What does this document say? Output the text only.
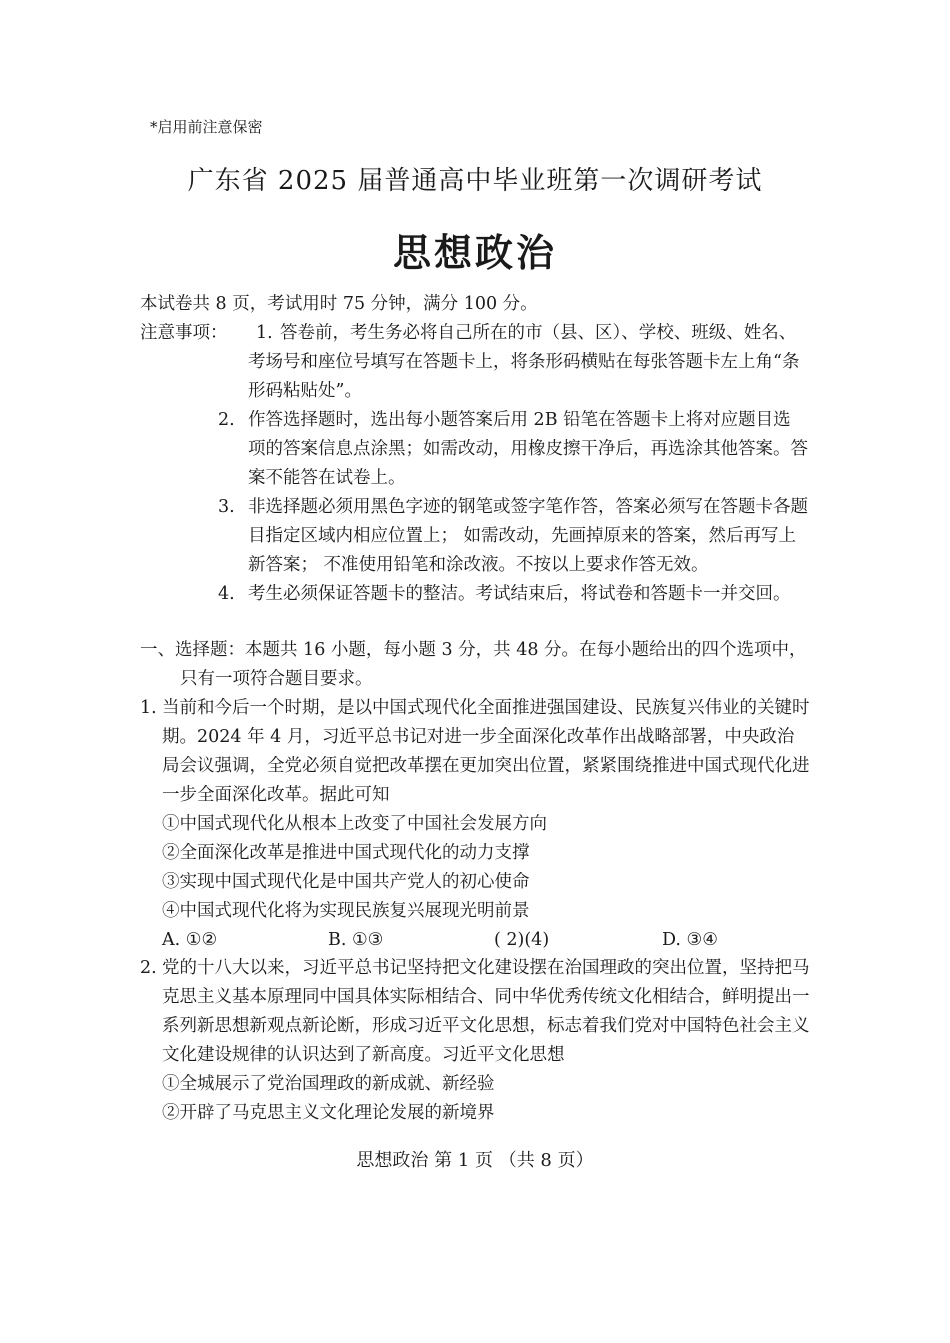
*启用前注意保密
广东省 2025 届普通高中毕业班第一次调研考试
思想政治
本试卷共 8 页，考试用时 75 分钟，满分 100 分。
注意事项： 1. 答卷前，考生务必将自己所在的市（县、区）、学校、班级、姓名、考场号和座位号填写在答题卡上，将条形码横贴在每张答题卡左上角“条形码粘贴处”。
2. 作答选择题时，选出每小题答案后用 2B 铅笔在答题卡上将对应题目选项的答案信息点涂黑；如需改动，用橡皮擦干净后，再选涂其他答案。答案不能答在试卷上。
3. 非选择题必须用黑色字迹的钢笔或签字笔作答，答案必须写在答题卡各题目指定区域内相应位置上； 如需改动，先画掉原来的答案，然后再写上新答案； 不准使用铅笔和涂改液。不按以上要求作答无效。
4. 考生必须保证答题卡的整洁。考试结束后，将试卷和答题卡一并交回。
一、选择题：本题共 16 小题，每小题 3 分，共 48 分。在每小题给出的四个选项中，
只有一项符合题目要求。
1. 当前和今后一个时期，是以中国式现代化全面推进强国建设、民族复兴伟业的关键时期。2024 年 4 月，习近平总书记对进一步全面深化改革作出战略部署，中央政治局会议强调，全党必须自觉把改革摆在更加突出位置，紧紧围绕推进中国式现代化进一步全面深化改革。据此可知
①中国式现代化从根本上改变了中国社会发展方向
②全面深化改革是推进中国式现代化的动力支撑
③实现中国式现代化是中国共产党人的初心使命
④中国式现代化将为实现民族复兴展现光明前景
A. ①②	B. ①③	( 2)(4)	D. ③④
2. 党的十八大以来，习近平总书记坚持把文化建设摆在治国理政的突出位置，坚持把马克思主义基本原理同中国具体实际相结合、同中华优秀传统文化相结合，鲜明提出一系列新思想新观点新论断，形成习近平文化思想，标志着我们党对中国特色社会主义文化建设规律的认识达到了新高度。习近平文化思想
①全城展示了党治国理政的新成就、新经验
②开辟了马克思主义文化理论发展的新境界
思想政治 第 1 页 （共 8 页）
